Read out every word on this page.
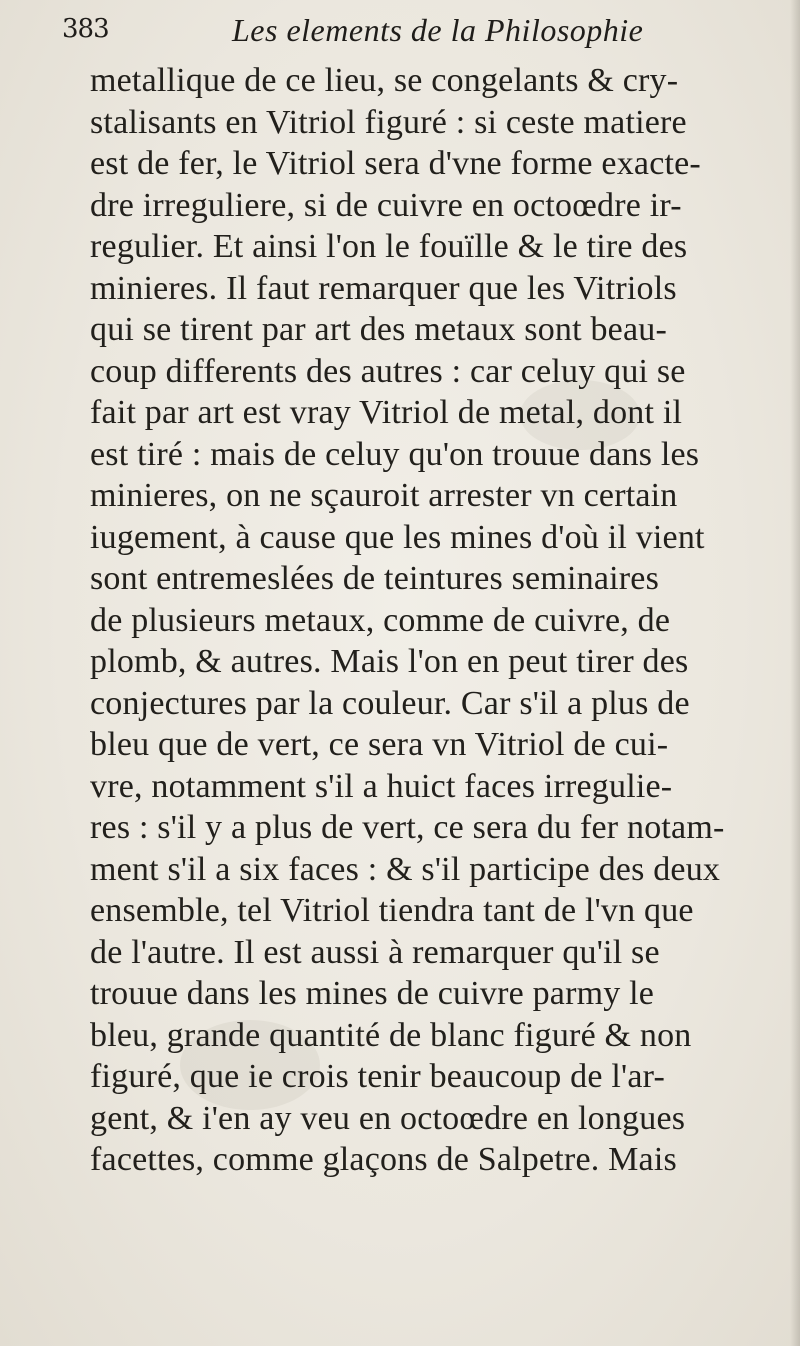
383	Les elements de la Philosophie
metallique de ce lieu, se congelants & cry-
stalisants en Vitriol figuré : si ceste matiere
est de fer, le Vitriol sera d'vne forme exacte-
dre irreguliere, si de cuivre en octoœdre ir-
regulier. Et ainsi l'on le fouïlle & le tire des
minieres. Il faut remarquer que les Vitriols
qui se tirent par art des metaux sont beau-
coup differents des autres : car celuy qui se
fait par art est vray Vitriol de metal, dont il
est tiré : mais de celuy qu'on trouue dans les
minieres, on ne sçauroit arrester vn certain
iugement, à cause que les mines d'où il vient
sont entremeslées de teintures seminaires
de plusieurs metaux, comme de cuivre, de
plomb, & autres. Mais l'on en peut tirer des
conjectures par la couleur. Car s'il a plus de
bleu que de vert, ce sera vn Vitriol de cui-
vre, notamment s'il a huict faces irregulie-
res : s'il y a plus de vert, ce sera du fer notam-
ment s'il a six faces : & s'il participe des deux
ensemble, tel Vitriol tiendra tant de l'vn que
de l'autre. Il est aussi à remarquer qu'il se
trouue dans les mines de cuivre parmy le
bleu, grande quantité de blanc figuré & non
figuré, que ie crois tenir beaucoup de l'ar-
gent, & i'en ay veu en octoœdre en longues
facettes, comme glaçons de Salpetre. Mais
